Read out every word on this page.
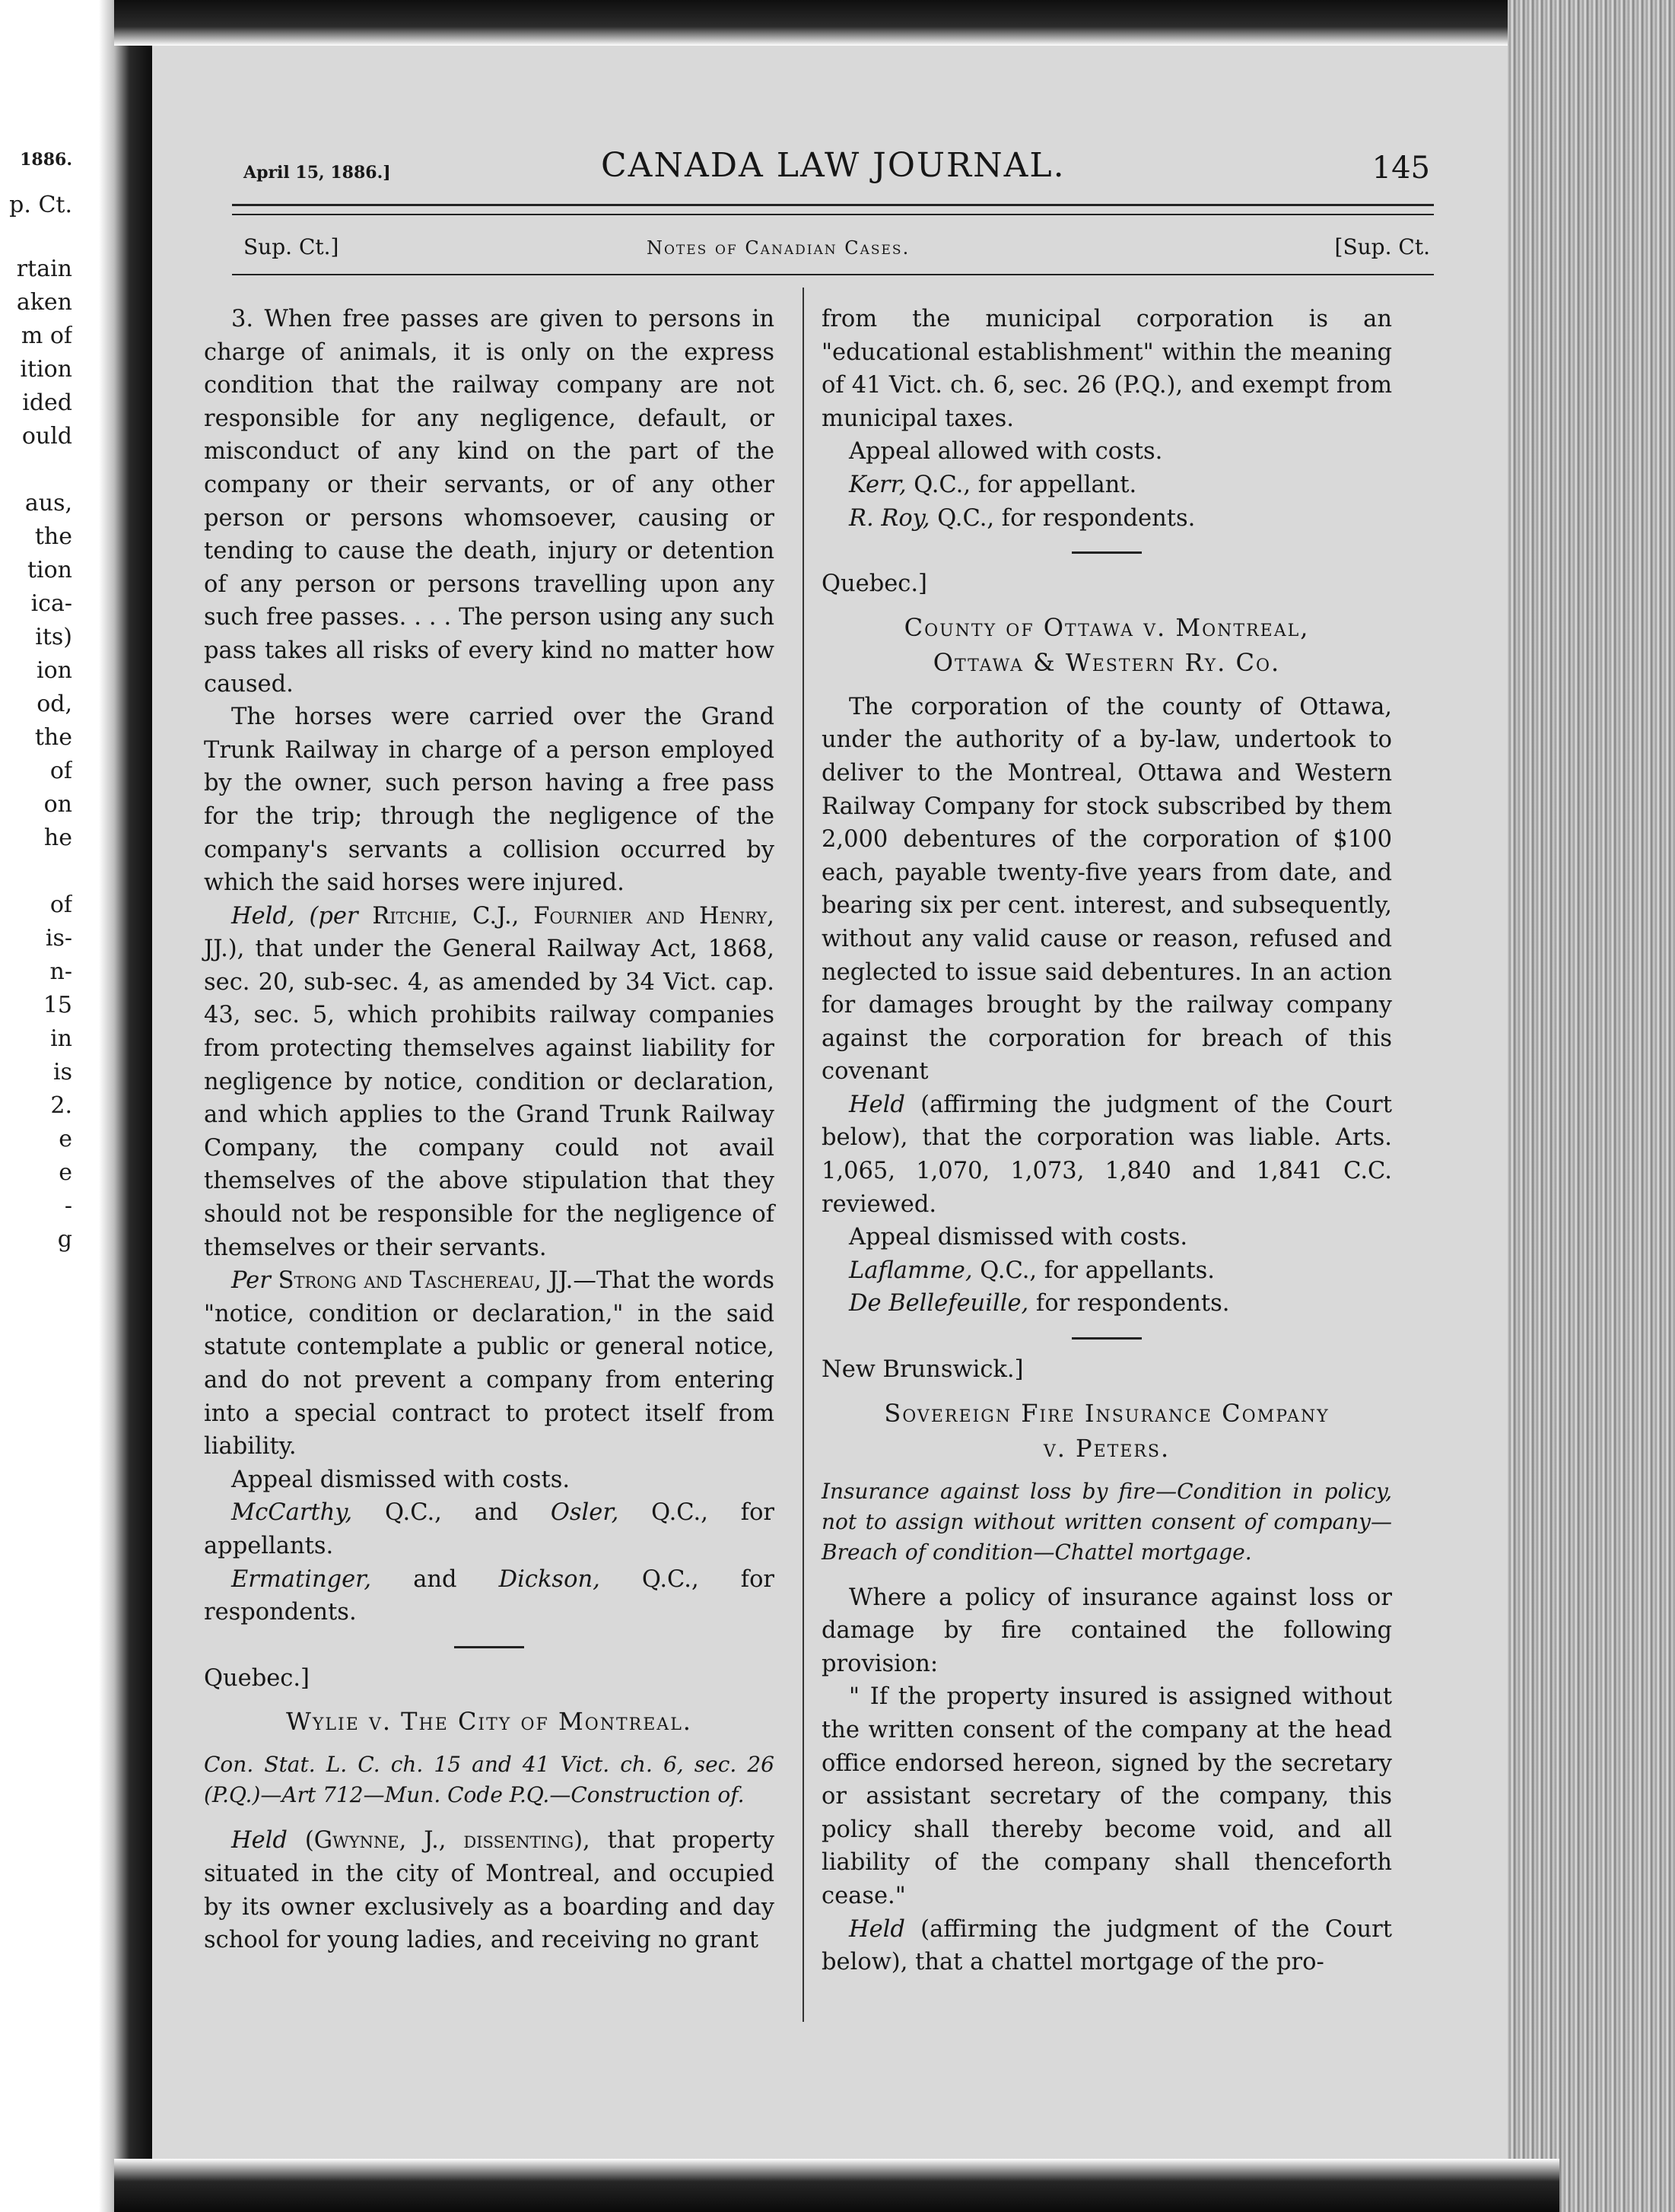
1886.
p. Ct.
rtain
aken
m of
ition
ided
ould
aus,
the
tion
ica-
its)
ion
od,
the
of
on
he
of
is-
n-
15
in
is
2.
e
e
-
g
April 15, 1886.]	CANADA LAW JOURNAL.	145
Sup. Ct.]	Notes of Canadian Cases.	[Sup. Ct.

3. When free passes are given to persons in charge of animals, it is only on the express condition that the railway company are not responsible for any negligence, default, or misconduct of any kind on the part of the company or their servants, or of any other person or persons whomsoever, causing or tending to cause the death, injury or detention of any person or persons travelling upon any such free passes. . . . The person using any such pass takes all risks of every kind no matter how caused.

The horses were carried over the Grand Trunk Railway in charge of a person employed by the owner, such person having a free pass for the trip; through the negligence of the company's servants a collision occurred by which the said horses were injured.

Held, (per Ritchie, C.J., Fournier and Henry, JJ.), that under the General Railway Act, 1868, sec. 20, sub-sec. 4, as amended by 34 Vict. cap. 43, sec. 5, which prohibits railway companies from protecting themselves against liability for negligence by notice, condition or declaration, and which applies to the Grand Trunk Railway Company, the company could not avail themselves of the above stipulation that they should not be responsible for the negligence of themselves or their servants.

Per Strong and Taschereau, JJ.—That the words "notice, condition or declaration," in the said statute contemplate a public or general notice, and do not prevent a company from entering into a special contract to protect itself from liability.

Appeal dismissed with costs.

McCarthy, Q.C., and Osler, Q.C., for appellants.

Ermatinger, and Dickson, Q.C., for respondents.

Quebec.]

Wylie v. The City of Montreal.

Con. Stat. L. C. ch. 15 and 41 Vict. ch. 6, sec. 26 (P.Q.)—Art 712—Mun. Code P.Q.—Construction of.

Held (Gwynne, J., dissenting), that property situated in the city of Montreal, and occupied by its owner exclusively as a boarding and day school for young ladies, and receiving no grant

from the municipal corporation is an "educational establishment" within the meaning of 41 Vict. ch. 6, sec. 26 (P.Q.), and exempt from municipal taxes.

Appeal allowed with costs.

Kerr, Q.C., for appellant.

R. Roy, Q.C., for respondents.

Quebec.]

County of Ottawa v. Montreal,
Ottawa & Western Ry. Co.

The corporation of the county of Ottawa, under the authority of a by-law, undertook to deliver to the Montreal, Ottawa and Western Railway Company for stock subscribed by them 2,000 debentures of the corporation of $100 each, payable twenty-five years from date, and bearing six per cent. interest, and subsequently, without any valid cause or reason, refused and neglected to issue said debentures. In an action for damages brought by the railway company against the corporation for breach of this covenant

Held (affirming the judgment of the Court below), that the corporation was liable. Arts. 1,065, 1,070, 1,073, 1,840 and 1,841 C.C. reviewed.

Appeal dismissed with costs.

Laflamme, Q.C., for appellants.

De Bellefeuille, for respondents.

New Brunswick.]

Sovereign Fire Insurance Company
v. Peters.

Insurance against loss by fire—Condition in policy, not to assign without written consent of company—Breach of condition—Chattel mortgage.

Where a policy of insurance against loss or damage by fire contained the following provision:

" If the property insured is assigned without the written consent of the company at the head office endorsed hereon, signed by the secretary or assistant secretary of the company, this policy shall thereby become void, and all liability of the company shall thenceforth cease."

Held (affirming the judgment of the Court below), that a chattel mortgage of the pro-
